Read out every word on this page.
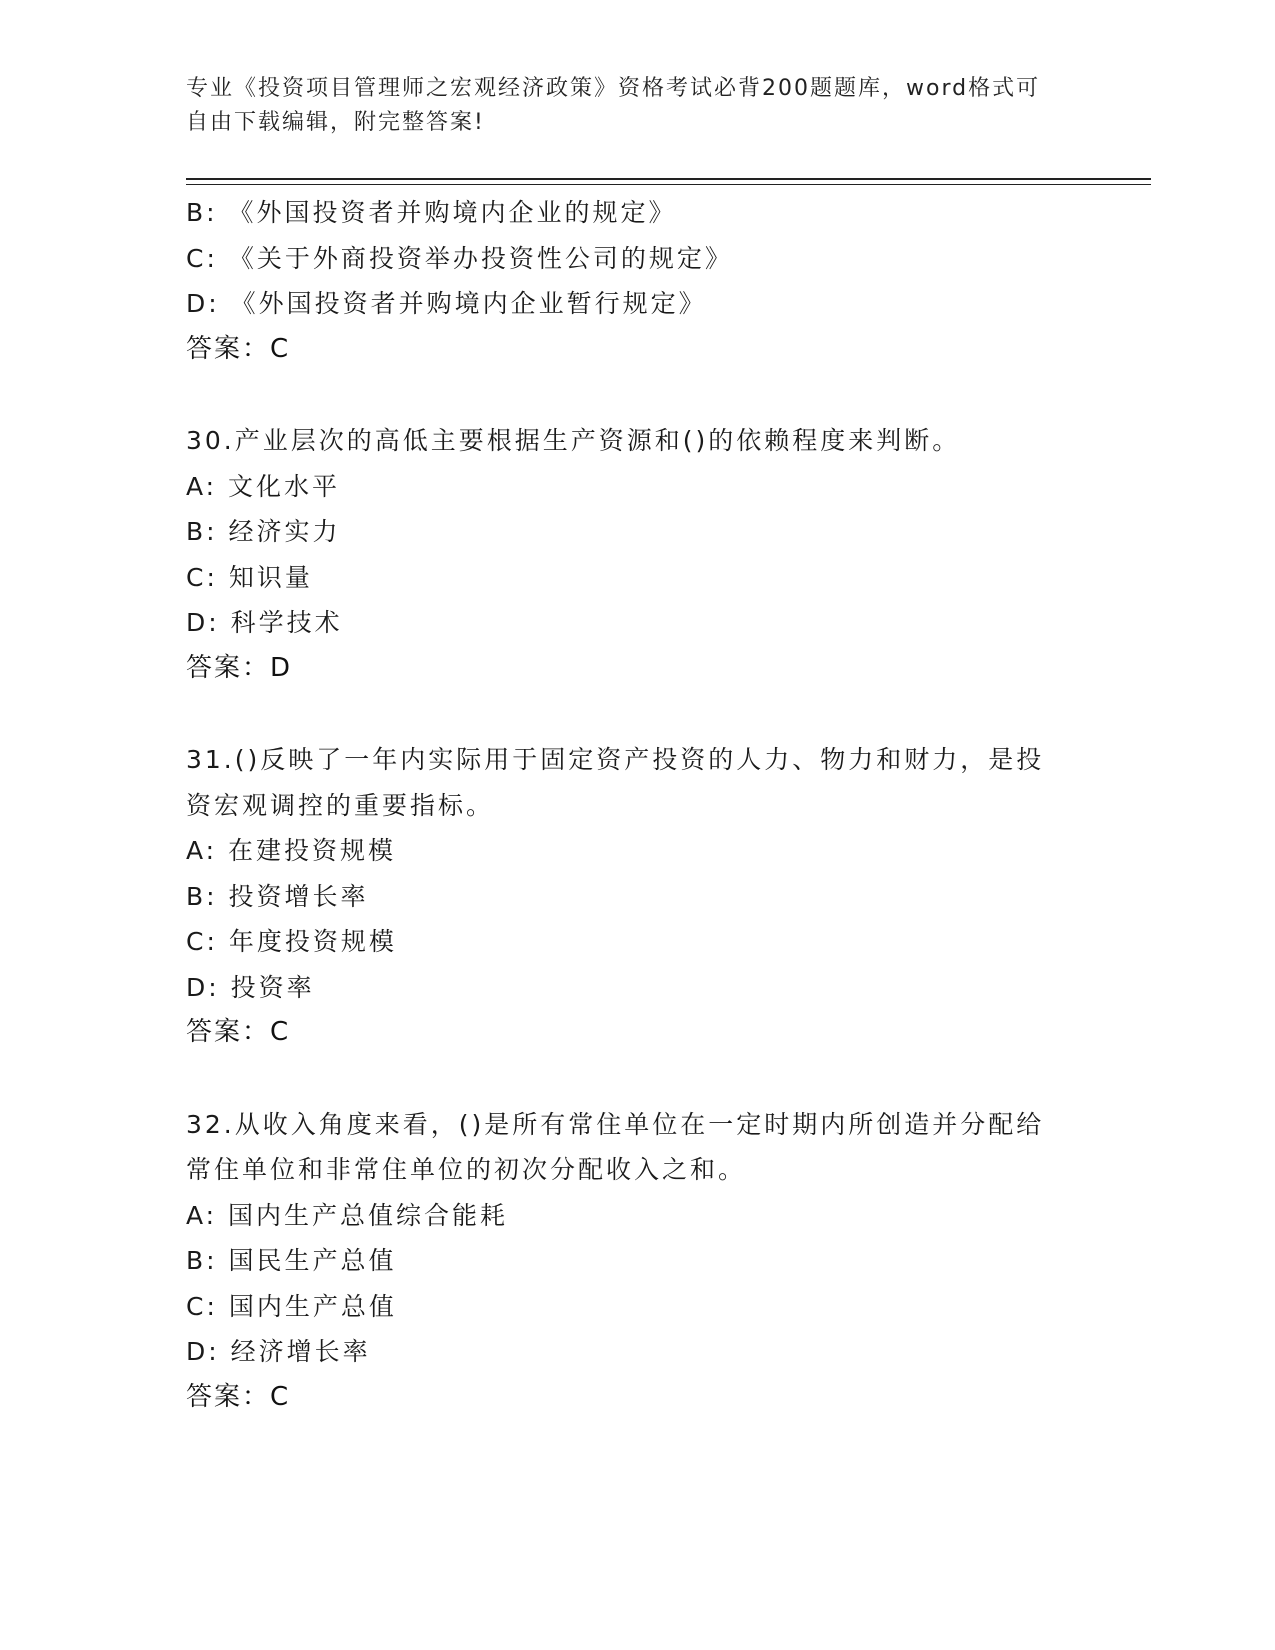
专业《投资项目管理师之宏观经济政策》资格考试必背200题题库，word格式可
自由下载编辑，附完整答案!
B: 《外国投资者并购境内企业的规定》
C: 《关于外商投资举办投资性公司的规定》
D: 《外国投资者并购境内企业暂行规定》
答案：C
30.产业层次的高低主要根据生产资源和()的依赖程度来判断。
A: 文化水平
B: 经济实力
C: 知识量
D: 科学技术
答案：D
31.()反映了一年内实际用于固定资产投资的人力、物力和财力，是投资宏观调控的重要指标。
A: 在建投资规模
B: 投资增长率
C: 年度投资规模
D: 投资率
答案：C
32.从收入角度来看，()是所有常住单位在一定时期内所创造并分配给常住单位和非常住单位的初次分配收入之和。
A: 国内生产总值综合能耗
B: 国民生产总值
C: 国内生产总值
D: 经济增长率
答案：C
